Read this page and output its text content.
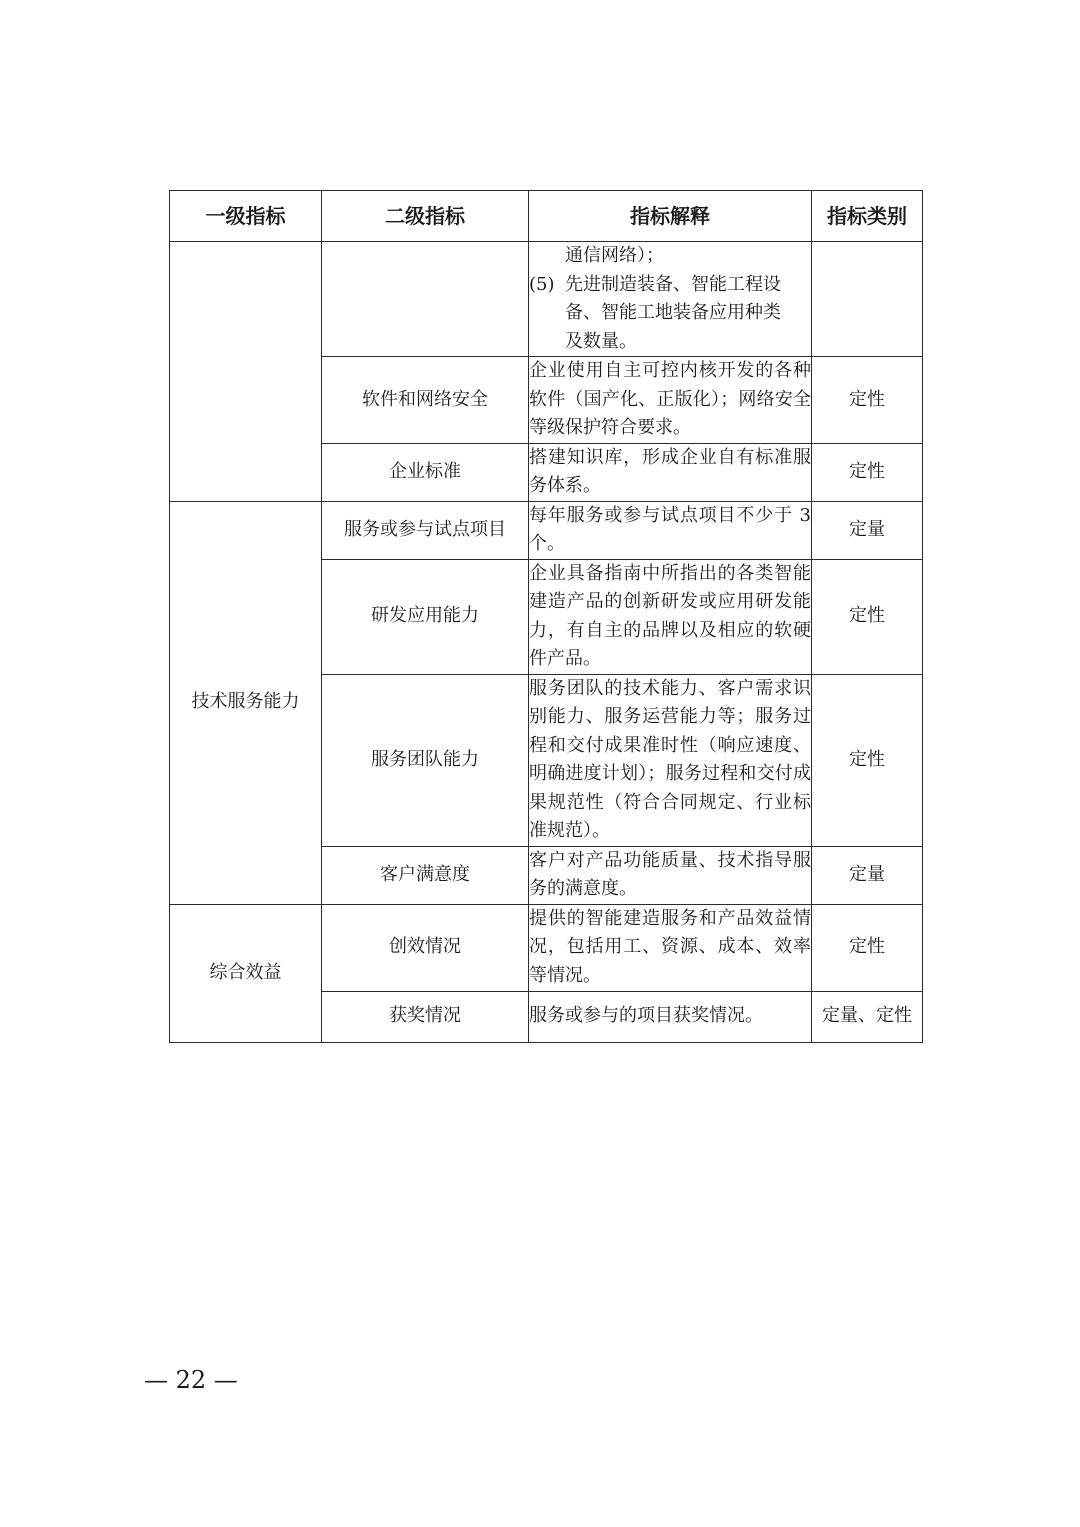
一级指标	二级指标	指标解释	指标类别

		通信网络）；
(5) 先进制造装备、智能工程设
备、智能工地装备应用种类
及数量。	

	软件和网络安全	企业使用自主可控内核开发的各种软件（国产化、正版化）；网络安全等级保护符合要求。	定性
	企业标准	搭建知识库，形成企业自有标准服务体系。	定性
技术服务能力	服务或参与试点项目	每年服务或参与试点项目不少于 3 个。	定量
	研发应用能力	企业具备指南中所指出的各类智能建造产品的创新研发或应用研发能力，有自主的品牌以及相应的软硬件产品。	定性
	服务团队能力	服务团队的技术能力、客户需求识别能力、服务运营能力等；服务过程和交付成果准时性（响应速度、明确进度计划）；服务过程和交付成果规范性（符合合同规定、行业标准规范）。	定性
	客户满意度	客户对产品功能质量、技术指导服务的满意度。	定量
综合效益	创效情况	提供的智能建造服务和产品效益情况，包括用工、资源、成本、效率等情况。	定性
	获奖情况	服务或参与的项目获奖情况。	定量、定性
— 22 —
